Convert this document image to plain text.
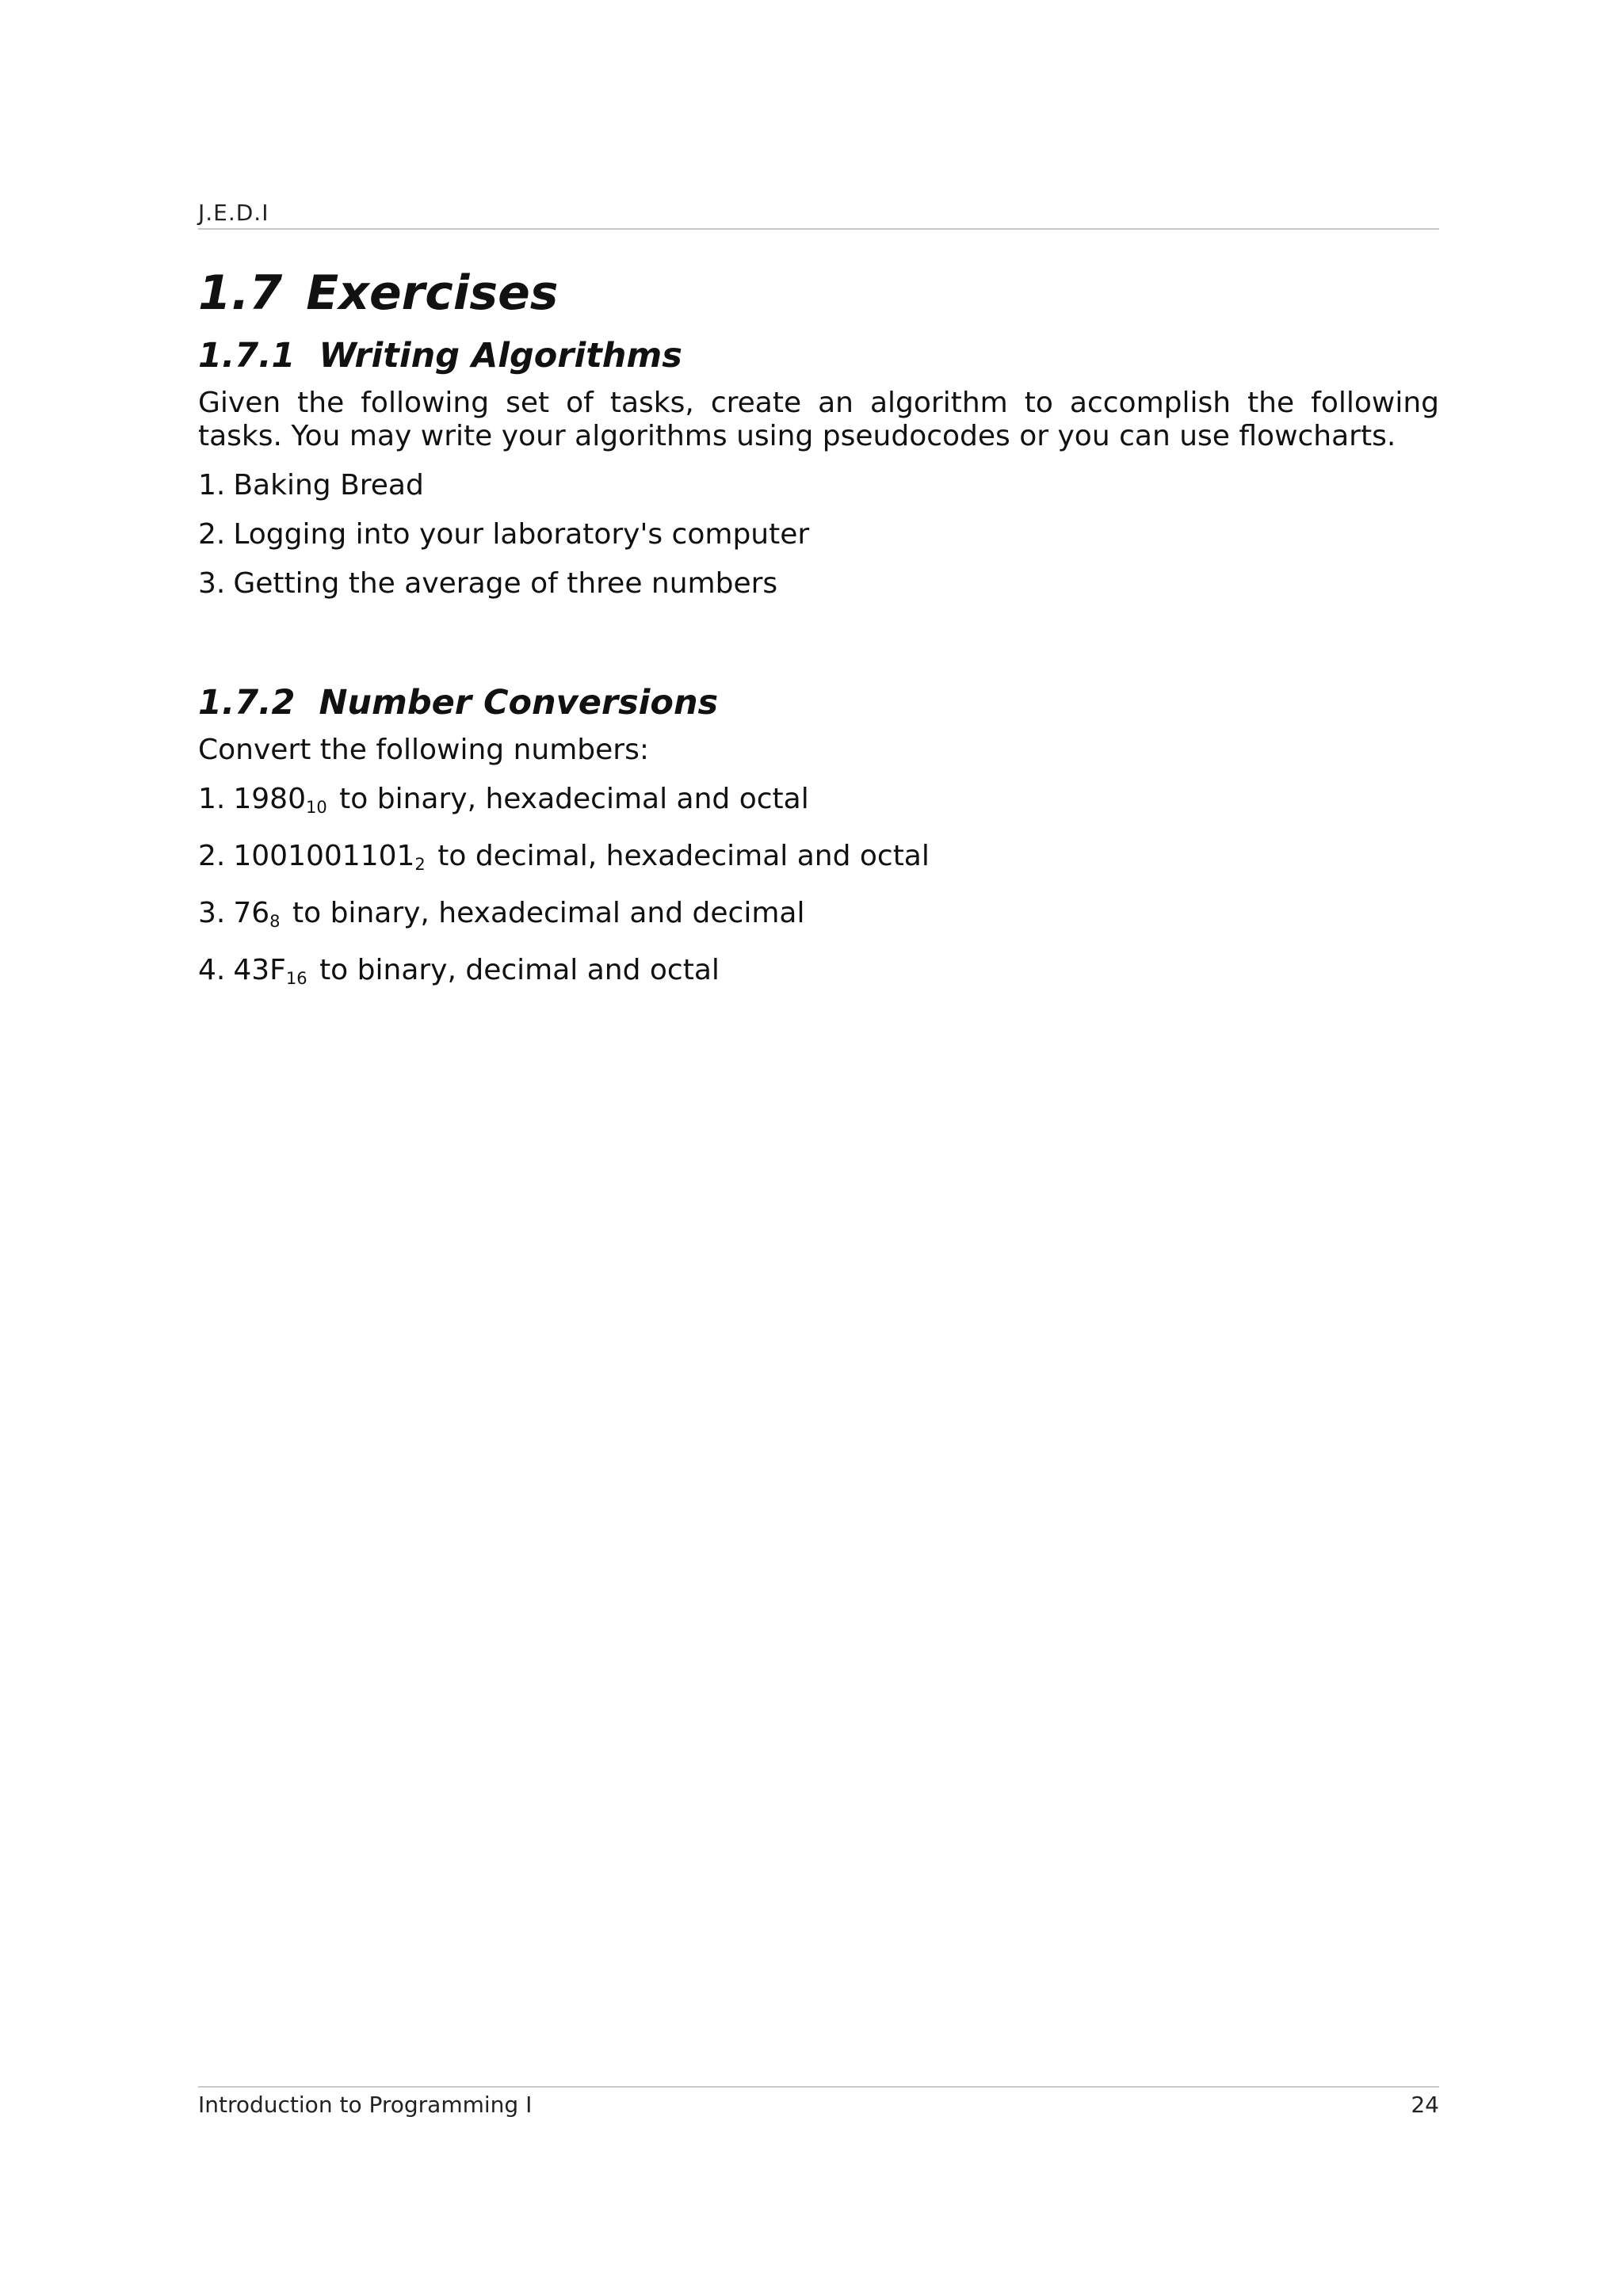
J.E.D.I
1.7 Exercises
1.7.1 Writing Algorithms

Given the following set of tasks, create an algorithm to accomplish the following tasks. You may write your algorithms using pseudocodes or you can use flowcharts.

1. Baking Bread
2. Logging into your laboratory's computer
3. Getting the average of three numbers
1.7.2 Number Conversions

Convert the following numbers:

1. $1980_{10}$ to binary, hexadecimal and octal
2. $1001001101_2$ to decimal, hexadecimal and octal
3. $76_8$ to binary, hexadecimal and decimal
4. $43F_{16}$ to binary, decimal and octal
Introduction to Programming I	24
